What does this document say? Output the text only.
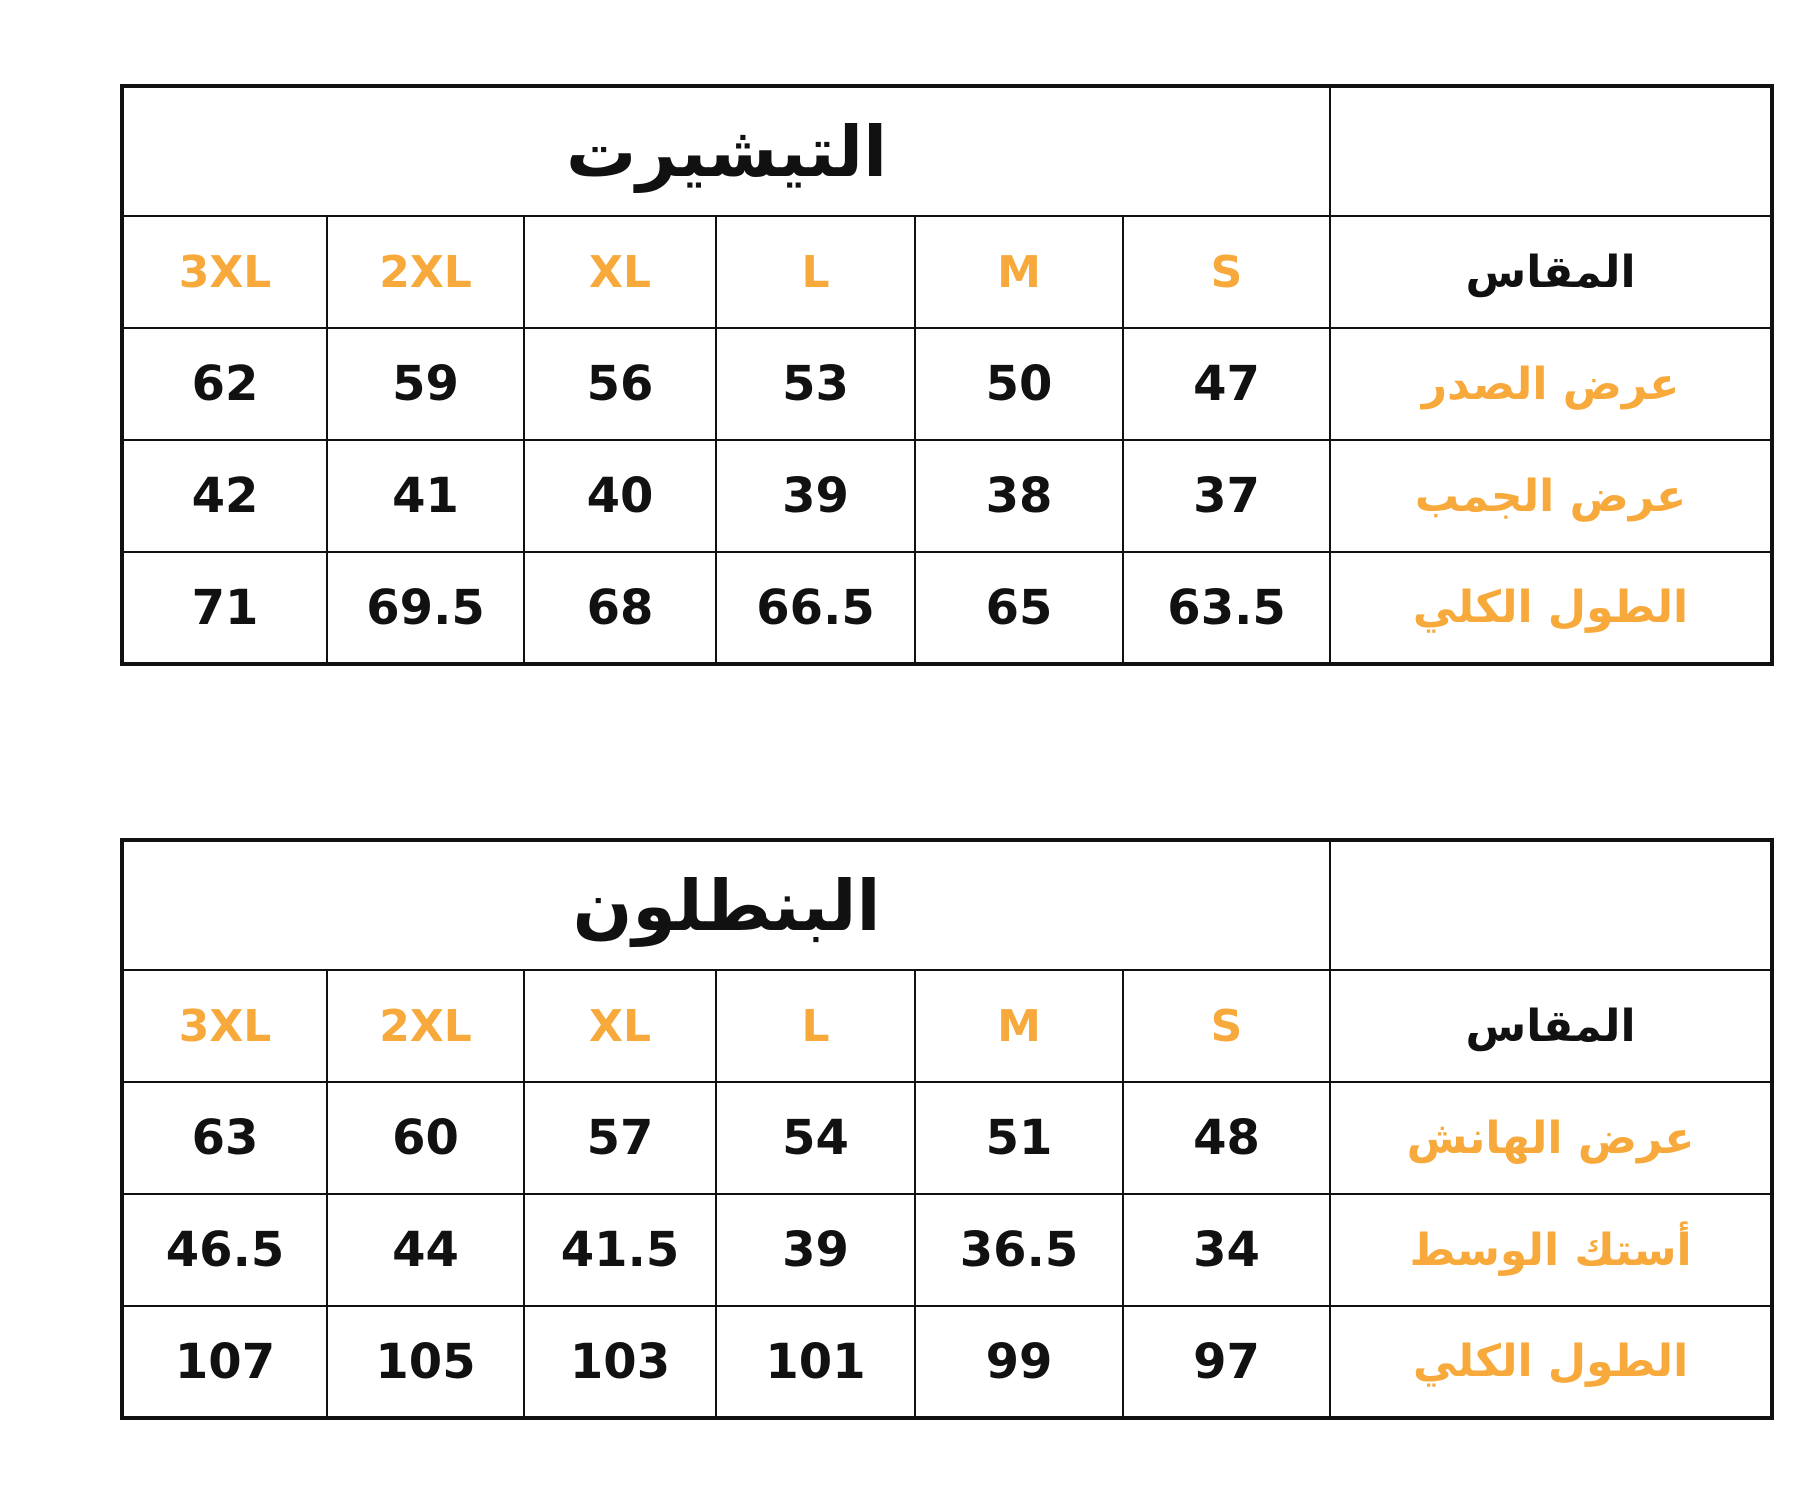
التيشيرت						
3XL	2XL	XL	L	M	S	المقاس
62	59	56	53	50	47	عرض الصدر
42	41	40	39	38	37	عرض الجمب
71	69.5	68	66.5	65	63.5	الطول الكلي
البنطلون						
3XL	2XL	XL	L	M	S	المقاس
63	60	57	54	51	48	عرض الهانش
46.5	44	41.5	39	36.5	34	أستك الوسط
107	105	103	101	99	97	الطول الكلي
